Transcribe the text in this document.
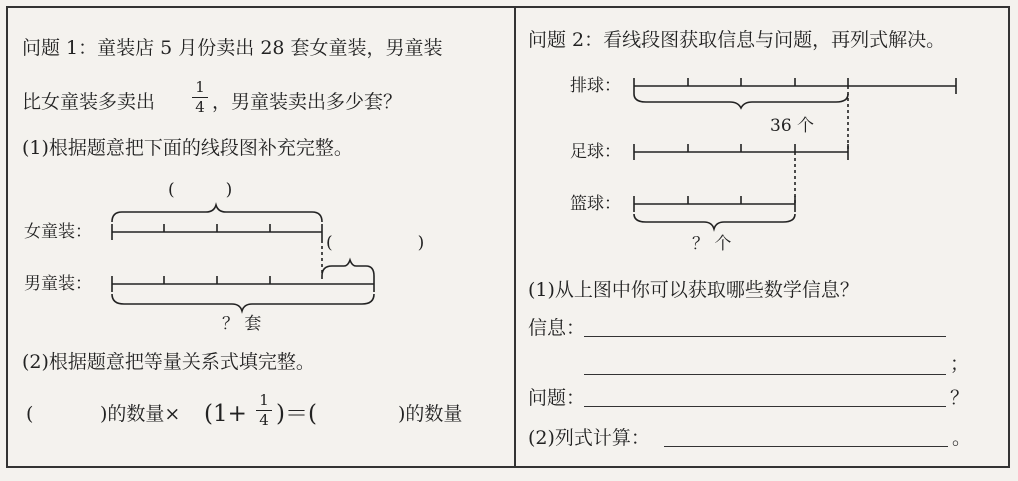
问题 1：童装店 5 月份卖出 28 套女童装，男童装
比女童装多卖出
1
4 ，男童装卖出多少套？
(1)根据题意把下面的线段图补充完整。
(　　　)
女童装：
(　　　　　)
男童装：
？ 套
(2)根据题意把等量关系式填完整。
(	)的数量× (1+
1
4 )＝(	)的数量
问题 2：看线段图获取信息与问题，再列式解决。
排球：
36 个
足球：
篮球：
？ 个
(1)从上图中你可以获取哪些数学信息？
信息：
；
问题：	？
(2)列式计算：	。
